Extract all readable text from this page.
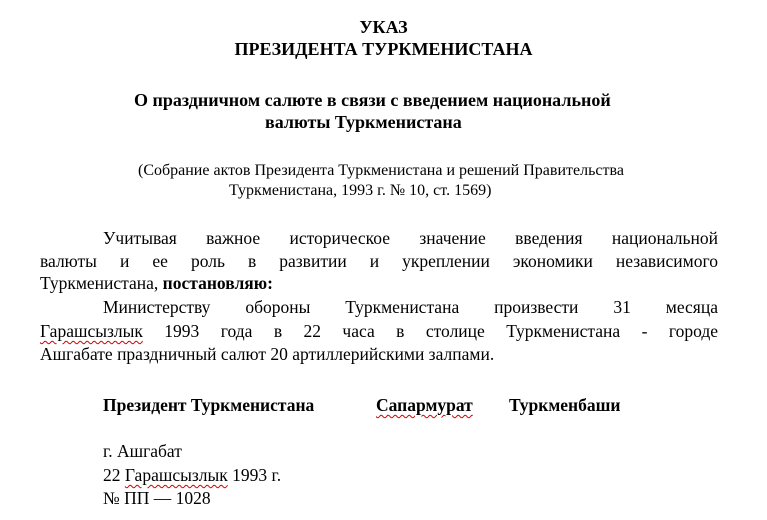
УКАЗ
ПРЕЗИДЕНТА ТУРКМЕНИСТАНА
О праздничном салюте в связи с введением национальной
валюты Туркменистана
(Собрание актов Президента Туркменистана и решений Правительства
Туркменистана, 1993 г. № 10, ст. 1569)
Учитывая важное историческое значение введения национальной
валюты и ее роль в развитии и укреплении экономики независимого
Туркменистана, постановляю:
Министерству обороны Туркменистана произвести 31 месяца
Гарашсызлык 1993 года в 22 часа в столице Туркменистана - городе
Ашгабате праздничный салют 20 артиллерийскими залпами.
Президент Туркменистана	Сапармурат Туркменбаши
г. Ашгабат
22 Гарашсызлык 1993 г.
№ ПП — 1028
